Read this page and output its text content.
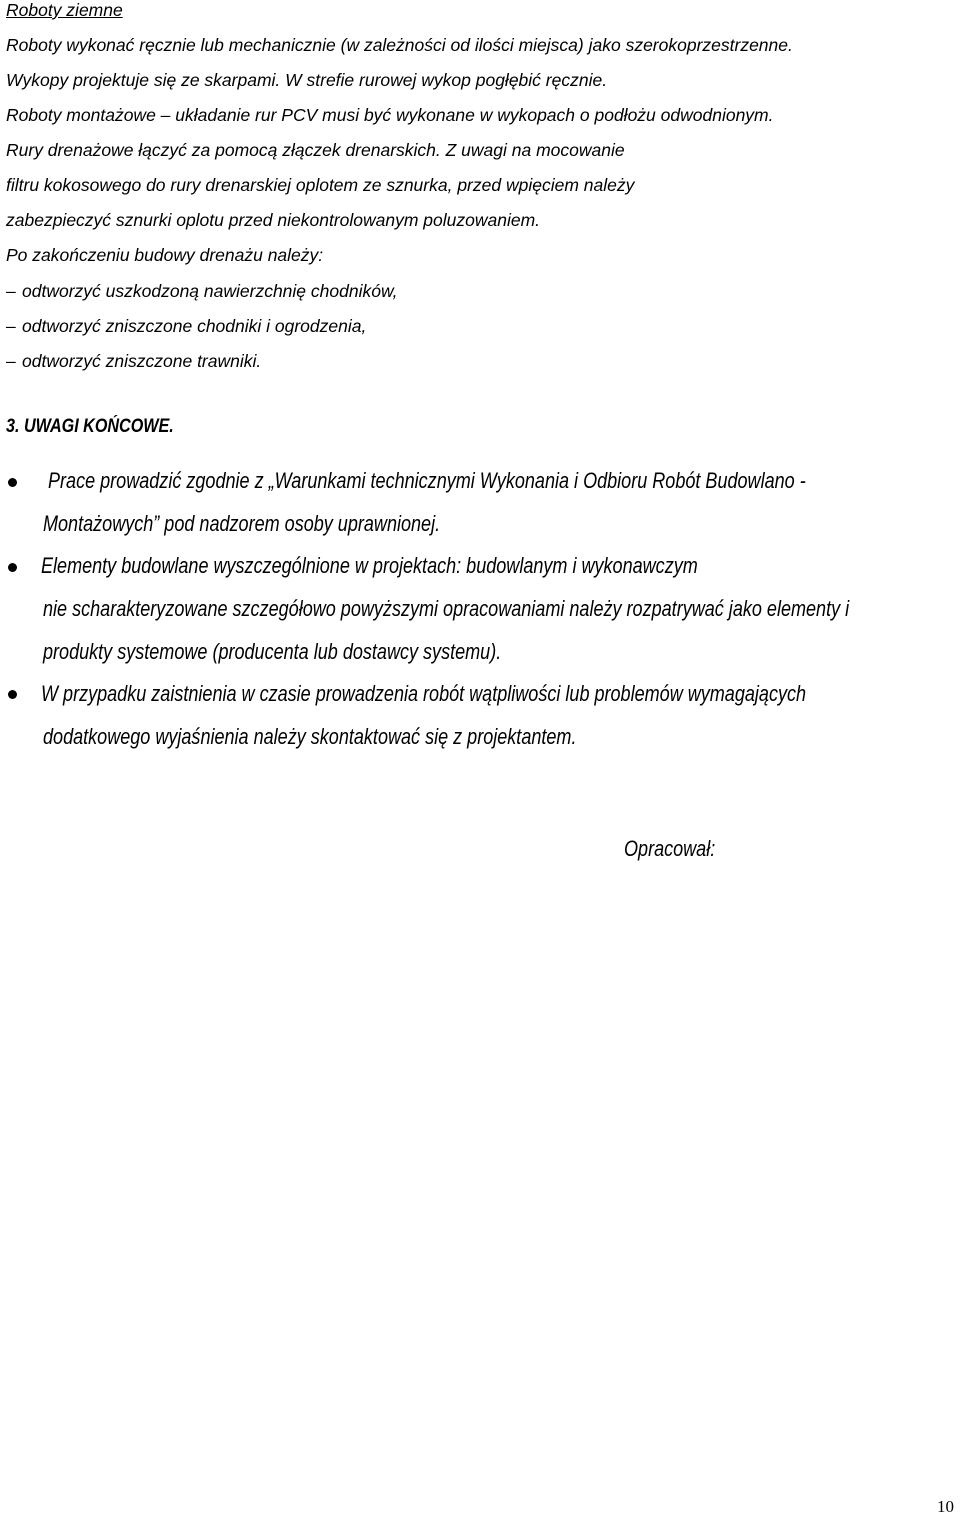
Roboty ziemne
Roboty wykonać ręcznie lub mechanicznie (w zależności od ilości miejsca) jako szerokoprzestrzenne.
Wykopy projektuje się ze skarpami. W strefie rurowej wykop pogłębić ręcznie.
Roboty montażowe – układanie rur PCV musi być wykonane w wykopach o podłożu odwodnionym.
Rury drenażowe łączyć za pomocą złączek drenarskich. Z uwagi na mocowanie
filtru kokosowego do rury drenarskiej oplotem ze sznurka, przed wpięciem należy
zabezpieczyć sznurki oplotu przed niekontrolowanym poluzowaniem.
Po zakończeniu budowy drenażu należy:
– odtworzyć uszkodzoną nawierzchnię chodników,
– odtworzyć zniszczone chodniki i ogrodzenia,
– odtworzyć zniszczone trawniki.
3. UWAGI KOŃCOWE.
Prace prowadzić zgodnie z „Warunkami technicznymi Wykonania i Odbioru Robót Budowlano -
Montażowych” pod nadzorem osoby uprawnionej.
Elementy budowlane wyszczególnione w projektach: budowlanym i wykonawczym
nie scharakteryzowane szczegółowo powyższymi opracowaniami należy rozpatrywać jako elementy i
produkty systemowe (producenta lub dostawcy systemu).
W przypadku zaistnienia w czasie prowadzenia robót wątpliwości lub problemów wymagających
dodatkowego wyjaśnienia należy skontaktować się z projektantem.
Opracował:
10
